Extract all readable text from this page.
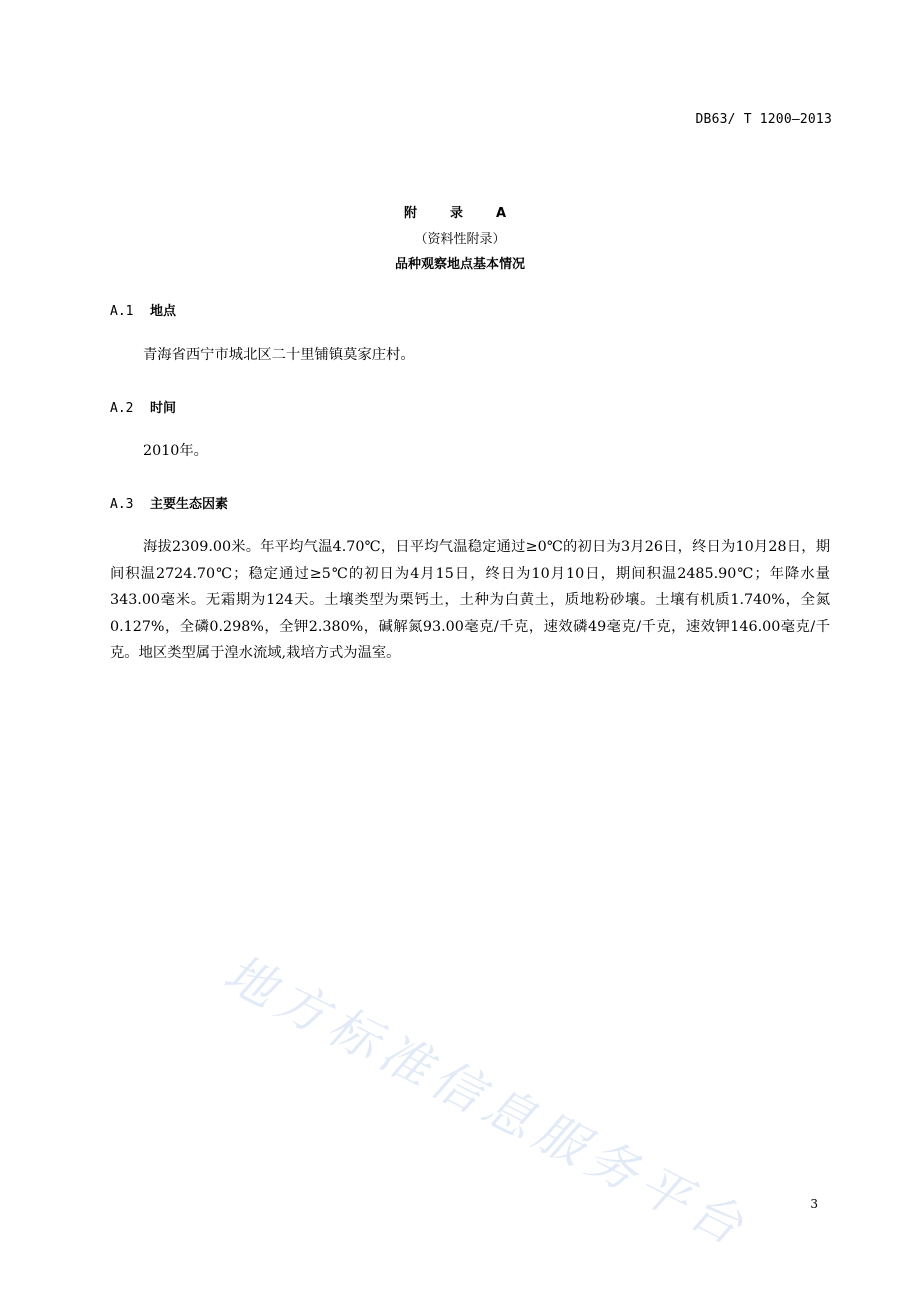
DB63/ T 1200—2013
附　录　A
（资料性附录）
品种观察地点基本情况
A.1 地点
青海省西宁市城北区二十里铺镇莫家庄村。
A.2 时间
2010年。
A.3 主要生态因素
海拔2309.00米。年平均气温4.70℃，日平均气温稳定通过≥0℃的初日为3月26日，终日为10月28日，期间积温2724.70℃；稳定通过≥5℃的初日为4月15日，终日为10月10日，期间积温2485.90℃；年降水量343.00毫米。无霜期为124天。土壤类型为栗钙土，土种为白黄土，质地粉砂壤。土壤有机质1.740%，全氮0.127%，全磷0.298%，全钾2.380%，碱解氮93.00毫克/千克，速效磷49毫克/千克，速效钾146.00毫克/千克。地区类型属于湟水流域,栽培方式为温室。
地方标准信息服务平台	3
